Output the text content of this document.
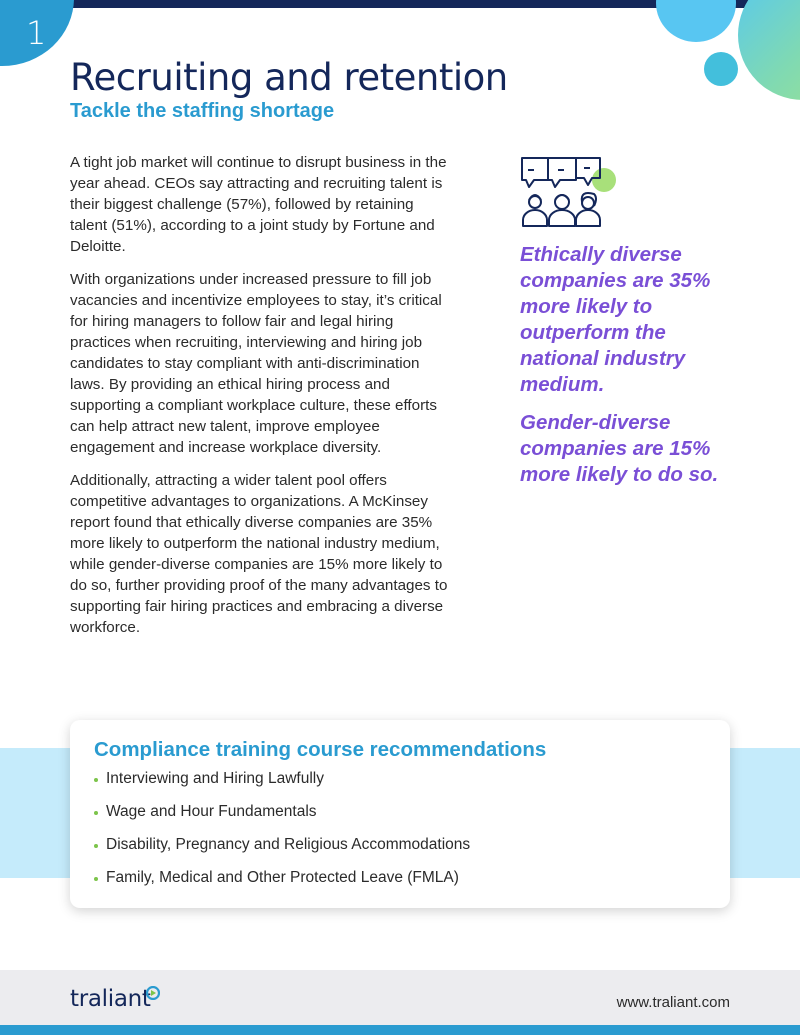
1
Recruiting and retention
Tackle the staffing shortage

A tight job market will continue to disrupt business in the year ahead. CEOs say attracting and recruiting talent is their biggest challenge (57%), followed by retaining talent (51%), according to a joint study by Fortune and Deloitte.

With organizations under increased pressure to fill job vacancies and incentivize employees to stay, it’s critical for hiring managers to follow fair and legal hiring practices when recruiting, interviewing and hiring job candidates to stay compliant with anti-discrimination laws. By providing an ethical hiring process and supporting a compliant workplace culture, these efforts can help attract new talent, improve employee engagement and increase workplace diversity.

Additionally, attracting a wider talent pool offers competitive advantages to organizations. A McKinsey report found that ethically diverse companies are 35% more likely to outperform the national industry medium, while gender-diverse companies are 15% more likely to do so, further providing proof of the many advantages to supporting fair hiring practices and embracing a diverse workforce.

Ethically diverse companies are 35% more likely to outperform the national industry medium.

Gender-diverse companies are 15% more likely to do so.

Compliance training course recommendations
Interviewing and Hiring Lawfully
Wage and Hour Fundamentals
Disability, Pregnancy and Religious Accommodations
Family, Medical and Other Protected Leave (FMLA)
traliant	www.traliant.com
